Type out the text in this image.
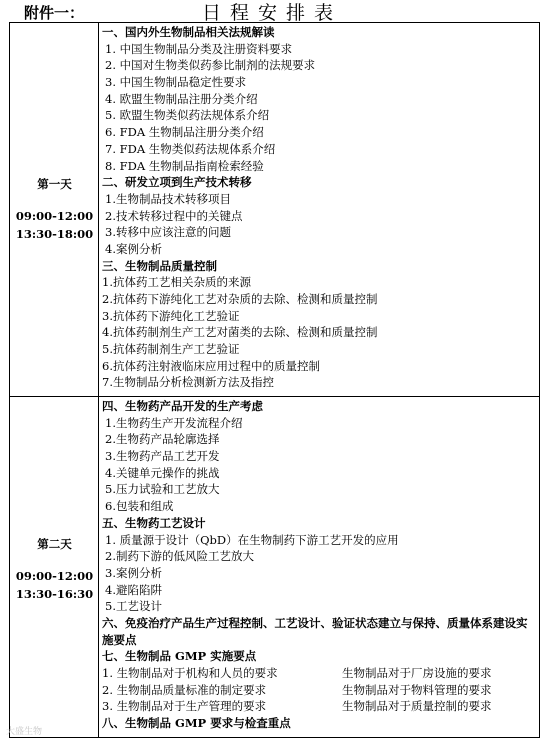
附件一：	日程安排表
第一天
09:00-12:00
13:30-18:00
一、国内外生物制品相关法规解读
1. 中国生物制品分类及注册资料要求
2. 中国对生物类似药参比制剂的法规要求
3. 中国生物制品稳定性要求
4. 欧盟生物制品注册分类介绍
5. 欧盟生物类似药法规体系介绍
6. FDA 生物制品注册分类介绍
7. FDA 生物类似药法规体系介绍
8. FDA 生物制品指南检索经验
二、研发立项到生产技术转移
1.生物制品技术转移项目
2.技术转移过程中的关键点
3.转移中应该注意的问题
4.案例分析
三、生物制品质量控制
1.抗体药工艺相关杂质的来源
2.抗体药下游纯化工艺对杂质的去除、检测和质量控制
3.抗体药下游纯化工艺验证
4.抗体药制剂生产工艺对菌类的去除、检测和质量控制
5.抗体药制剂生产工艺验证
6.抗体药注射液临床应用过程中的质量控制
7.生物制品分析检测新方法及指控
第二天
09:00-12:00
13:30-16:30
四、生物药产品开发的生产考虑
1.生物药生产开发流程介绍
2.生物药产品轮廓选择
3.生物药产品工艺开发
4.关键单元操作的挑战
5.压力试验和工艺放大
6.包装和组成
五、生物药工艺设计
1. 质量源于设计（QbD）在生物制药下游工艺开发的应用
2.制药下游的低风险工艺放大
3.案例分析
4.避陷陷阱
5.工艺设计
六、免疫治疗产品生产过程控制、工艺设计、验证状态建立与保持、质量体系建设实施要点
七、生物制品 GMP 实施要点
1. 生物制品对于机构和人员的要求	生物制品对于厂房设施的要求
2. 生物制品质量标准的制定要求	生物制品对于物料管理的要求
3. 生物制品对于生产管理的要求	生物制品对于质量控制的要求
八、生物制品 GMP 要求与检查重点
大盛生物
